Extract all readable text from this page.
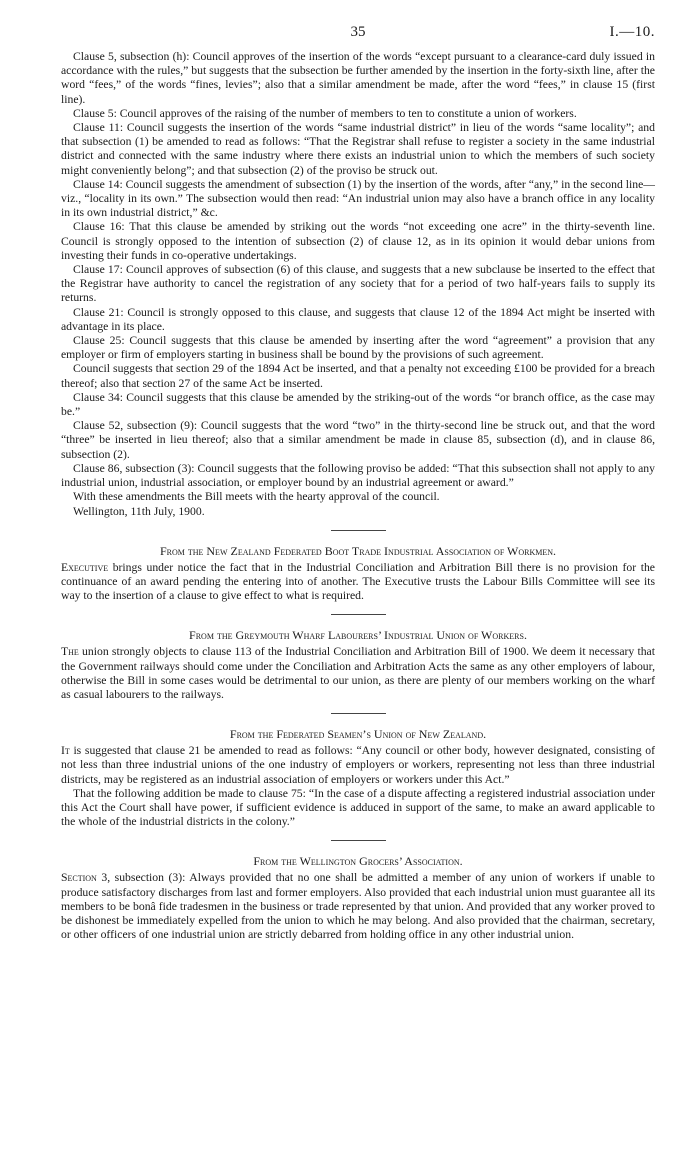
35	I.—10.

Clause 5, subsection (h): Council approves of the insertion of the words “except pursuant to a clearance-card duly issued in accordance with the rules,” but suggests that the subsection be further amended by the insertion in the forty-sixth line, after the word “fees,” of the words “fines, levies”; also that a similar amendment be made, after the word “fees,” in clause 15 (first line).

Clause 5: Council approves of the raising of the number of members to ten to constitute a union of workers.

Clause 11: Council suggests the insertion of the words “same industrial district” in lieu of the words “same locality”; and that subsection (1) be amended to read as follows: “That the Registrar shall refuse to register a society in the same industrial district and connected with the same industry where there exists an industrial union to which the members of such society might conveniently belong”; and that subsection (2) of the proviso be struck out.

Clause 14: Council suggests the amendment of subsection (1) by the insertion of the words, after “any,” in the second line—viz., “locality in its own.” The subsection would then read: “An industrial union may also have a branch office in any locality in its own industrial district,” &c.

Clause 16: That this clause be amended by striking out the words “not exceeding one acre” in the thirty-seventh line. Council is strongly opposed to the intention of subsection (2) of clause 12, as in its opinion it would debar unions from investing their funds in co-operative undertakings.

Clause 17: Council approves of subsection (6) of this clause, and suggests that a new subclause be inserted to the effect that the Registrar have authority to cancel the registration of any society that for a period of two half-years fails to supply its returns.

Clause 21: Council is strongly opposed to this clause, and suggests that clause 12 of the 1894 Act might be inserted with advantage in its place.

Clause 25: Council suggests that this clause be amended by inserting after the word “agreement” a provision that any employer or firm of employers starting in business shall be bound by the provisions of such agreement.

Council suggests that section 29 of the 1894 Act be inserted, and that a penalty not exceeding £100 be provided for a breach thereof; also that section 27 of the same Act be inserted.

Clause 34: Council suggests that this clause be amended by the striking-out of the words “or branch office, as the case may be.”

Clause 52, subsection (9): Council suggests that the word “two” in the thirty-second line be struck out, and that the word “three” be inserted in lieu thereof; also that a similar amendment be made in clause 85, subsection (d), and in clause 86, subsection (2).

Clause 86, subsection (3): Council suggests that the following proviso be added: “That this subsection shall not apply to any industrial union, industrial association, or employer bound by an industrial agreement or award.”

With these amendments the Bill meets with the hearty approval of the council.

Wellington, 11th July, 1900.

From the New Zealand Federated Boot Trade Industrial Association of Workmen.

Executive brings under notice the fact that in the Industrial Conciliation and Arbitration Bill there is no provision for the continuance of an award pending the entering into of another. The Executive trusts the Labour Bills Committee will see its way to the insertion of a clause to give effect to what is required.

From the Greymouth Wharf Labourers’ Industrial Union of Workers.

The union strongly objects to clause 113 of the Industrial Conciliation and Arbitration Bill of 1900. We deem it necessary that the Government railways should come under the Conciliation and Arbitration Acts the same as any other employers of labour, otherwise the Bill in some cases would be detrimental to our union, as there are plenty of our members working on the wharf as casual labourers to the railways.

From the Federated Seamen’s Union of New Zealand.

It is suggested that clause 21 be amended to read as follows: “Any council or other body, however designated, consisting of not less than three industrial unions of the one industry of employers or workers, representing not less than three industrial districts, may be registered as an industrial association of employers or workers under this Act.”

That the following addition be made to clause 75: “In the case of a dispute affecting a registered industrial association under this Act the Court shall have power, if sufficient evidence is adduced in support of the same, to make an award applicable to the whole of the industrial districts in the colony.”

From the Wellington Grocers’ Association.

Section 3, subsection (3): Always provided that no one shall be admitted a member of any union of workers if unable to produce satisfactory discharges from last and former employers. Also provided that each industrial union must guarantee all its members to be bonâ fide tradesmen in the business or trade represented by that union. And provided that any worker proved to be dishonest be immediately expelled from the union to which he may belong. And also provided that the chairman, secretary, or other officers of one industrial union are strictly debarred from holding office in any other industrial union.
